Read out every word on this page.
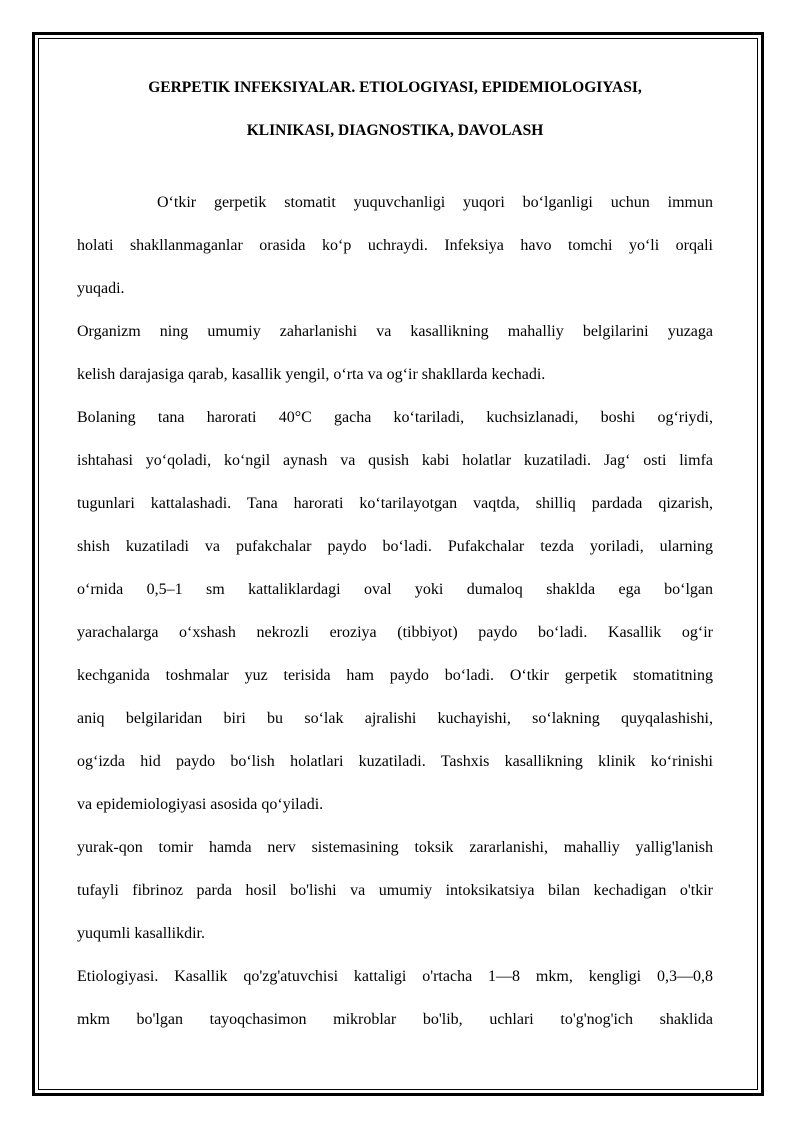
GERPETIK INFEKSIYALAR. ETIOLOGIYASI, EPIDEMIOLOGIYASI,
KLINIKASI, DIAGNOSTIKA, DAVOLASH

O‘tkir gerpetik stomatit yuquvchanligi yuqori bo‘lganligi uchun immun
holati shakllanmaganlar orasida ko‘p uchraydi. Infeksiya havo tomchi yo‘li orqali
yuqadi.

Organizm ning umumiy zaharlanishi va kasallikning mahalliy belgilarini yuzaga
kelish darajasiga qarab, kasallik yengil, o‘rta va og‘ir shakllarda kechadi.

Bolaning tana harorati 40°C gacha ko‘tariladi, kuchsizlanadi, boshi og‘riydi,
ishtahasi yo‘qoladi, ko‘ngil aynash va qusish kabi holatlar kuzatiladi. Jag‘ osti limfa
tugunlari kattalashadi. Tana harorati ko‘tarilayotgan vaqtda, shilliq pardada qizarish,
shish kuzatiladi va pufakchalar paydo bo‘ladi. Pufakchalar tezda yoriladi, ularning
o‘rnida 0,5–1 sm kattaliklardagi oval yoki dumaloq shaklda ega bo‘lgan
yarachalarga o‘xshash nekrozli eroziya (tibbiyot) paydo bo‘ladi. Kasallik og‘ir
kechganida toshmalar yuz terisida ham paydo bo‘ladi. O‘tkir gerpetik stomatitning
aniq belgilaridan biri bu so‘lak ajralishi kuchayishi, so‘lakning quyqalashishi,
og‘izda hid paydo bo‘lish holatlari kuzatiladi. Tashxis kasallikning klinik ko‘rinishi
va epidemiologiyasi asosida qo‘yiladi.

yurak-qon tomir hamda nerv sistemasining toksik zararlanishi, mahalliy yallig'lanish
tufayli fibrinoz parda hosil bo'lishi va umumiy intoksikatsiya bilan kechadigan o'tkir
yuqumli kasallikdir.

Etiologiyasi. Kasallik qo'zg'atuvchisi kattaligi o'rtacha 1—8 mkm, kengligi 0,3—0,8
mkm bo'lgan tayoqchasimon mikroblar bo'lib, uchlari to'g'nog'ich shaklida
